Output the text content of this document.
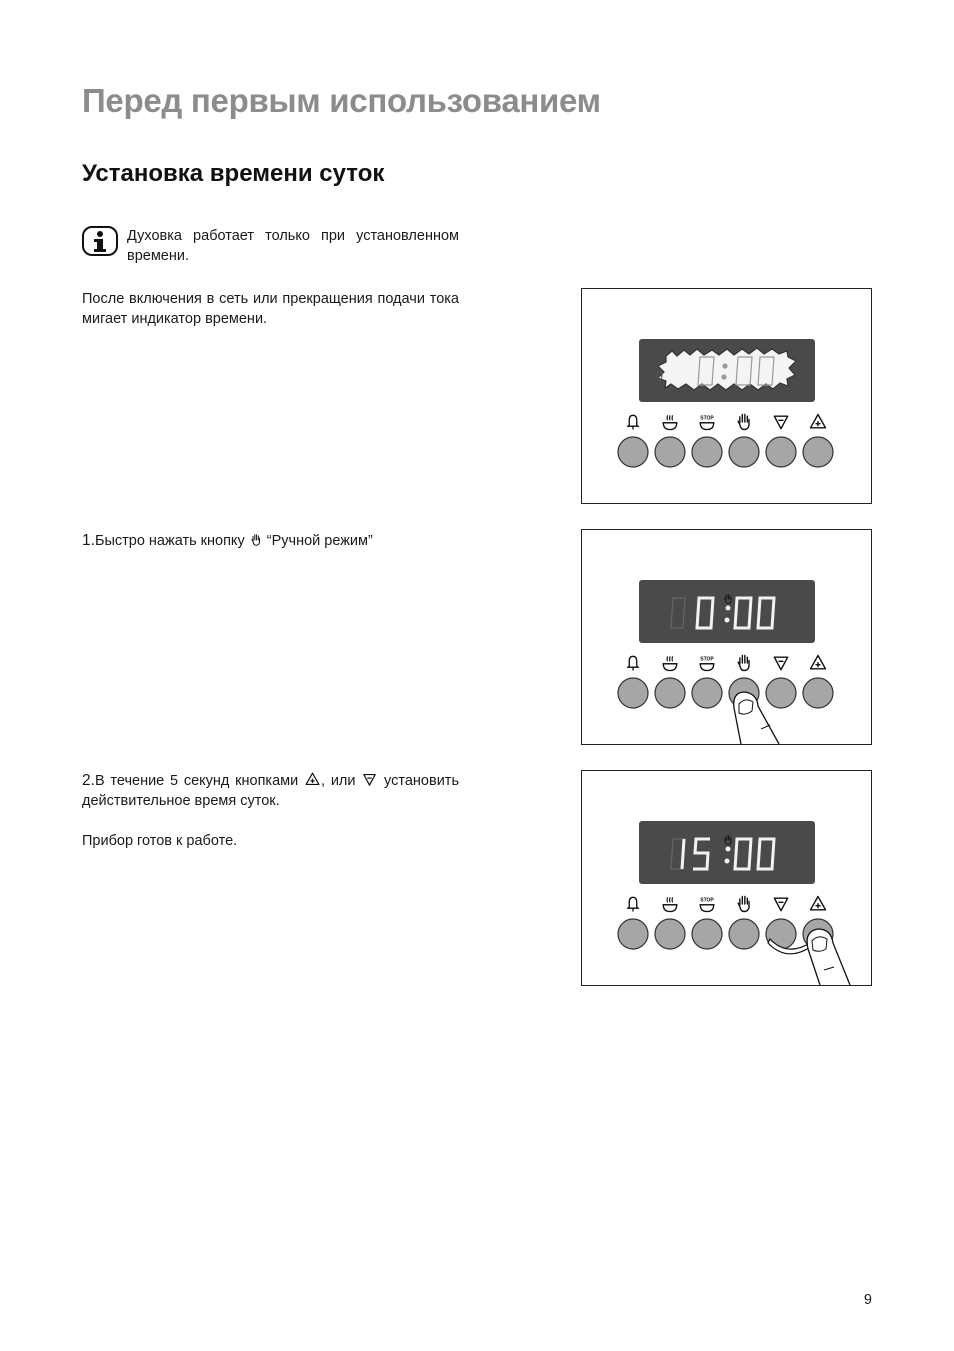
Перед первым использованием
Установка времени суток
Духовка работает только при установленном времени.
После включения в сеть или прекращения подачи тока мигает индикатор времени.
1.Быстро нажать кнопку “Ручной режим”
2.В течение 5 секунд кнопками , или установить действительное время суток.
Прибор готов к работе.
9
